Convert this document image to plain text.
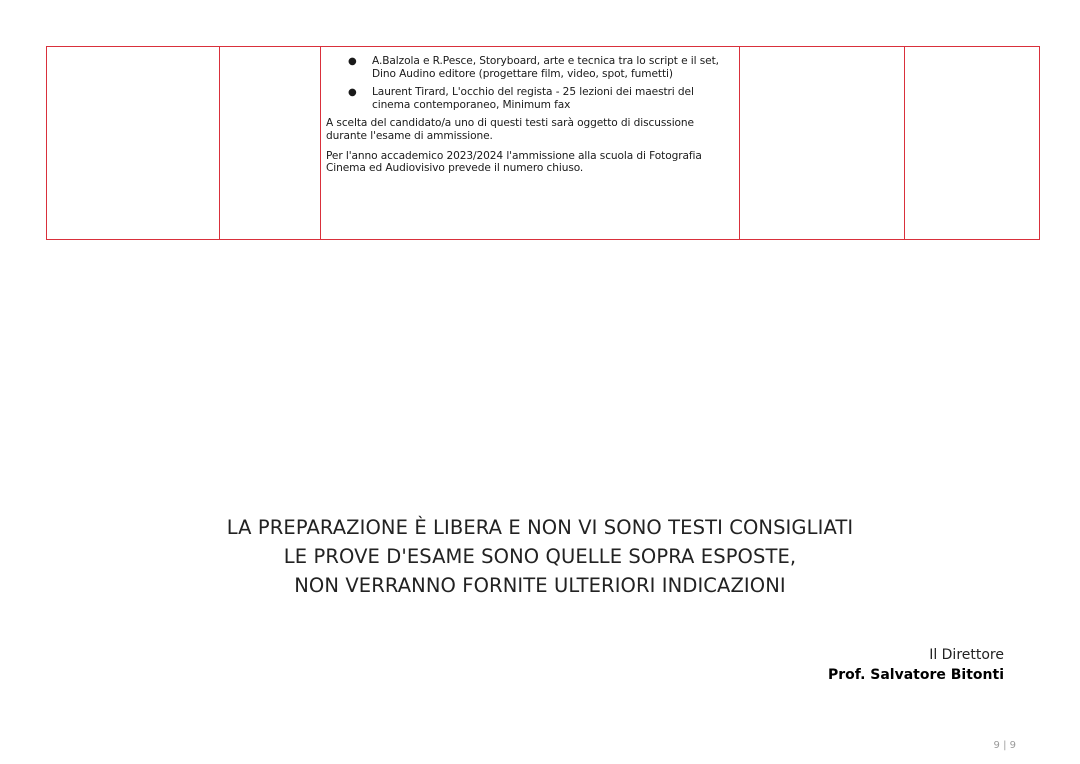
● A.Balzola e R.Pesce, Storyboard, arte e tecnica tra lo script e il set, Dino Audino editore (progettare film, video, spot, fumetti)
● Laurent Tirard, L'occhio del regista - 25 lezioni dei maestri del cinema contemporaneo, Minimum fax

A scelta del candidato/a uno di questi testi sarà oggetto di discussione durante l'esame di ammissione.

Per l'anno accademico 2023/2024 l'ammissione alla scuola di Fotografia Cinema ed Audiovisivo prevede il numero chiuso.

LA PREPARAZIONE È LIBERA E NON VI SONO TESTI CONSIGLIATI
LE PROVE D'ESAME SONO QUELLE SOPRA ESPOSTE,
NON VERRANNO FORNITE ULTERIORI INDICAZIONI
Il Direttore
Prof. Salvatore Bitonti
9 | 9
